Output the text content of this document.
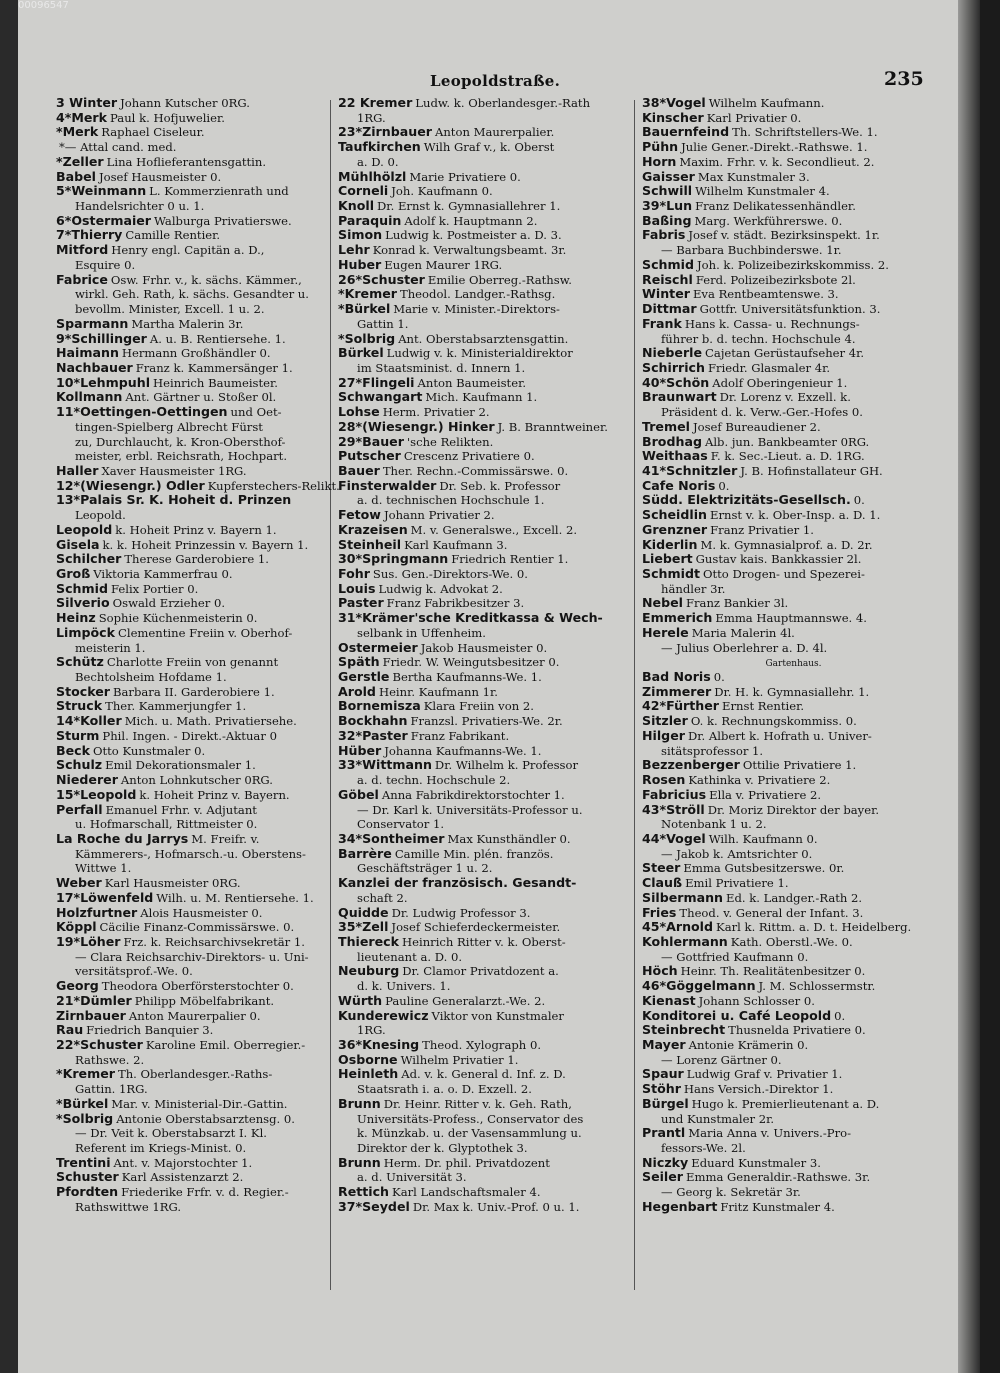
00096547
Leopoldstraße.	235
3 Winter Johann Kutscher 0RG.
4*Merk Paul k. Hofjuwelier.
*Merk Raphael Ciseleur.
*— Attal cand. med.
*Zeller Lina Hoflieferantensgattin.
Babel Josef Hausmeister 0.
5*Weinmann L. Kommerzienrath und
Handelsrichter 0 u. 1.
6*Ostermaier Walburga Privatierswe.
7*Thierry Camille Rentier.
Mitford Henry engl. Capitän a. D.,
Esquire 0.
Fabrice Osw. Frhr. v., k. sächs. Kämmer.,
wirkl. Geh. Rath, k. sächs. Gesandter u.
bevollm. Minister, Excell. 1 u. 2.
Sparmann Martha Malerin 3r.
9*Schillinger A. u. B. Rentiersehe. 1.
Haimann Hermann Großhändler 0.
Nachbauer Franz k. Kammersänger 1.
10*Lehmpuhl Heinrich Baumeister.
Kollmann Ant. Gärtner u. Stoßer 0l.
11*Oettingen-Oettingen und Oet-
tingen-Spielberg Albrecht Fürst
zu, Durchlaucht, k. Kron-Obersthof-
meister, erbl. Reichsrath, Hochpart.
Haller Xaver Hausmeister 1RG.
12*(Wiesengr.) Odler Kupferstechers-Relikt.
13*Palais Sr. K. Hoheit d. Prinzen
Leopold.
Leopold k. Hoheit Prinz v. Bayern 1.
Gisela k. k. Hoheit Prinzessin v. Bayern 1.
Schilcher Therese Garderobiere 1.
Groß Viktoria Kammerfrau 0.
Schmid Felix Portier 0.
Silverio Oswald Erzieher 0.
Heinz Sophie Küchenmeisterin 0.
Limpöck Clementine Freiin v. Oberhof-
meisterin 1.
Schütz Charlotte Freiin von genannt
Bechtolsheim Hofdame 1.
Stocker Barbara II. Garderobiere 1.
Struck Ther. Kammerjungfer 1.
14*Koller Mich. u. Math. Privatiersehe.
Sturm Phil. Ingen. - Direkt.-Aktuar 0
Beck Otto Kunstmaler 0.
Schulz Emil Dekorationsmaler 1.
Niederer Anton Lohnkutscher 0RG.
15*Leopold k. Hoheit Prinz v. Bayern.
Perfall Emanuel Frhr. v. Adjutant
u. Hofmarschall, Rittmeister 0.
La Roche du Jarrys M. Freifr. v.
Kämmerers-, Hofmarsch.-u. Oberstens-
Wittwe 1.
Weber Karl Hausmeister 0RG.
17*Löwenfeld Wilh. u. M. Rentiersehe. 1.
Holzfurtner Alois Hausmeister 0.
Köppl Cäcilie Finanz-Commissärswe. 0.
19*Löher Frz. k. Reichsarchivsekretär 1.
— Clara Reichsarchiv-Direktors- u. Uni-
versitätsprof.-We. 0.
Georg Theodora Oberförsterstochter 0.
21*Dümler Philipp Möbelfabrikant.
Zirnbauer Anton Maurerpalier 0.
Rau Friedrich Banquier 3.
22*Schuster Karoline Emil. Oberregier.-
Rathswe. 2.
*Kremer Th. Oberlandesger.-Raths-
Gattin. 1RG.
*Bürkel Mar. v. Ministerial-Dir.-Gattin.
*Solbrig Antonie Oberstabsarztensg. 0.
— Dr. Veit k. Oberstabsarzt I. Kl.
Referent im Kriegs-Minist. 0.
Trentini Ant. v. Majorstochter 1.
Schuster Karl Assistenzarzt 2.
Pfordten Friederike Frfr. v. d. Regier.-
Rathswittwe 1RG.
22 Kremer Ludw. k. Oberlandesger.-Rath
1RG.
23*Zirnbauer Anton Maurerpalier.
Taufkirchen Wilh Graf v., k. Oberst
a. D. 0.
Mühlhölzl Marie Privatiere 0.
Corneli Joh. Kaufmann 0.
Knoll Dr. Ernst k. Gymnasiallehrer 1.
Paraquin Adolf k. Hauptmann 2.
Simon Ludwig k. Postmeister a. D. 3.
Lehr Konrad k. Verwaltungsbeamt. 3r.
Huber Eugen Maurer 1RG.
26*Schuster Emilie Oberreg.-Rathsw.
*Kremer Theodol. Landger.-Rathsg.
*Bürkel Marie v. Minister.-Direktors-
Gattin 1.
*Solbrig Ant. Oberstabsarztensgattin.
Bürkel Ludwig v. k. Ministerialdirektor
im Staatsminist. d. Innern 1.
27*Flingeli Anton Baumeister.
Schwangart Mich. Kaufmann 1.
Lohse Herm. Privatier 2.
28*(Wiesengr.) Hinker J. B. Branntweiner.
29*Bauer 'sche Relikten.
Putscher Crescenz Privatiere 0.
Bauer Ther. Rechn.-Commissärswe. 0.
Finsterwalder Dr. Seb. k. Professor
a. d. technischen Hochschule 1.
Fetow Johann Privatier 2.
Krazeisen M. v. Generalswe., Excell. 2.
Steinheil Karl Kaufmann 3.
30*Springmann Friedrich Rentier 1.
Fohr Sus. Gen.-Direktors-We. 0.
Louis Ludwig k. Advokat 2.
Paster Franz Fabrikbesitzer 3.
31*Krämer'sche Kreditkassa & Wech-
selbank in Uffenheim.
Ostermeier Jakob Hausmeister 0.
Späth Friedr. W. Weingutsbesitzer 0.
Gerstle Bertha Kaufmanns-We. 1.
Arold Heinr. Kaufmann 1r.
Bornemisza Klara Freiin von 2.
Bockhahn Franzsl. Privatiers-We. 2r.
32*Paster Franz Fabrikant.
Hüber Johanna Kaufmanns-We. 1.
33*Wittmann Dr. Wilhelm k. Professor
a. d. techn. Hochschule 2.
Göbel Anna Fabrikdirektorstochter 1.
— Dr. Karl k. Universitäts-Professor u.
Conservator 1.
34*Sontheimer Max Kunsthändler 0.
Barrère Camille Min. plén. französ.
Geschäftsträger 1 u. 2.
Kanzlei der französisch. Gesandt-
schaft 2.
Quidde Dr. Ludwig Professor 3.
35*Zell Josef Schieferdeckermeister.
Thiereck Heinrich Ritter v. k. Oberst-
lieutenant a. D. 0.
Neuburg Dr. Clamor Privatdozent a.
d. k. Univers. 1.
Würth Pauline Generalarzt.-We. 2.
Kunderewicz Viktor von Kunstmaler
1RG.
36*Knesing Theod. Xylograph 0.
Osborne Wilhelm Privatier 1.
Heinleth Ad. v. k. General d. Inf. z. D.
Staatsrath i. a. o. D. Exzell. 2.
Brunn Dr. Heinr. Ritter v. k. Geh. Rath,
Universitäts-Profess., Conservator des
k. Münzkab. u. der Vasensammlung u.
Direktor der k. Glyptothek 3.
Brunn Herm. Dr. phil. Privatdozent
a. d. Universität 3.
Rettich Karl Landschaftsmaler 4.
37*Seydel Dr. Max k. Univ.-Prof. 0 u. 1.
38*Vogel Wilhelm Kaufmann.
Kinscher Karl Privatier 0.
Bauernfeind Th. Schriftstellers-We. 1.
Pühn Julie Gener.-Direkt.-Rathswe. 1.
Horn Maxim. Frhr. v. k. Secondlieut. 2.
Gaisser Max Kunstmaler 3.
Schwill Wilhelm Kunstmaler 4.
39*Lun Franz Delikatessenhändler.
Baßing Marg. Werkführerswe. 0.
Fabris Josef v. städt. Bezirksinspekt. 1r.
— Barbara Buchbinderswe. 1r.
Schmid Joh. k. Polizeibezirkskommiss. 2.
Reischl Ferd. Polizeibezirksbote 2l.
Winter Eva Rentbeamtenswe. 3.
Dittmar Gottfr. Universitätsfunktion. 3.
Frank Hans k. Cassa- u. Rechnungs-
führer b. d. techn. Hochschule 4.
Nieberle Cajetan Gerüstaufseher 4r.
Schirrich Friedr. Glasmaler 4r.
40*Schön Adolf Oberingenieur 1.
Braunwart Dr. Lorenz v. Exzell. k.
Präsident d. k. Verw.-Ger.-Hofes 0.
Tremel Josef Bureaudiener 2.
Brodhag Alb. jun. Bankbeamter 0RG.
Weithaas F. k. Sec.-Lieut. a. D. 1RG.
41*Schnitzler J. B. Hofinstallateur GH.
Cafe Noris 0.
Südd. Elektrizitäts-Gesellsch. 0.
Scheidlin Ernst v. k. Ober-Insp. a. D. 1.
Grenzner Franz Privatier 1.
Kiderlin M. k. Gymnasialprof. a. D. 2r.
Liebert Gustav kais. Bankkassier 2l.
Schmidt Otto Drogen- und Spezerei-
händler 3r.
Nebel Franz Bankier 3l.
Emmerich Emma Hauptmannswe. 4.
Herele Maria Malerin 4l.
— Julius Oberlehrer a. D. 4l.
Gartenhaus.
Bad Noris 0.
Zimmerer Dr. H. k. Gymnasiallehr. 1.
42*Fürther Ernst Rentier.
Sitzler O. k. Rechnungskommiss. 0.
Hilger Dr. Albert k. Hofrath u. Univer-
sitätsprofessor 1.
Bezzenberger Ottilie Privatiere 1.
Rosen Kathinka v. Privatiere 2.
Fabricius Ella v. Privatiere 2.
43*Ströll Dr. Moriz Direktor der bayer.
Notenbank 1 u. 2.
44*Vogel Wilh. Kaufmann 0.
— Jakob k. Amtsrichter 0.
Steer Emma Gutsbesitzerswe. 0r.
Clauß Emil Privatiere 1.
Silbermann Ed. k. Landger.-Rath 2.
Fries Theod. v. General der Infant. 3.
45*Arnold Karl k. Rittm. a. D. t. Heidelberg.
Kohlermann Kath. Oberstl.-We. 0.
— Gottfried Kaufmann 0.
Höch Heinr. Th. Realitätenbesitzer 0.
46*Göggelmann J. M. Schlossermstr.
Kienast Johann Schlosser 0.
Konditorei u. Café Leopold 0.
Steinbrecht Thusnelda Privatiere 0.
Mayer Antonie Krämerin 0.
— Lorenz Gärtner 0.
Spaur Ludwig Graf v. Privatier 1.
Stöhr Hans Versich.-Direktor 1.
Bürgel Hugo k. Premierlieutenant a. D.
und Kunstmaler 2r.
Prantl Maria Anna v. Univers.-Pro-
fessors-We. 2l.
Niczky Eduard Kunstmaler 3.
Seiler Emma Generaldir.-Rathswe. 3r.
— Georg k. Sekretär 3r.
Hegenbart Fritz Kunstmaler 4.
